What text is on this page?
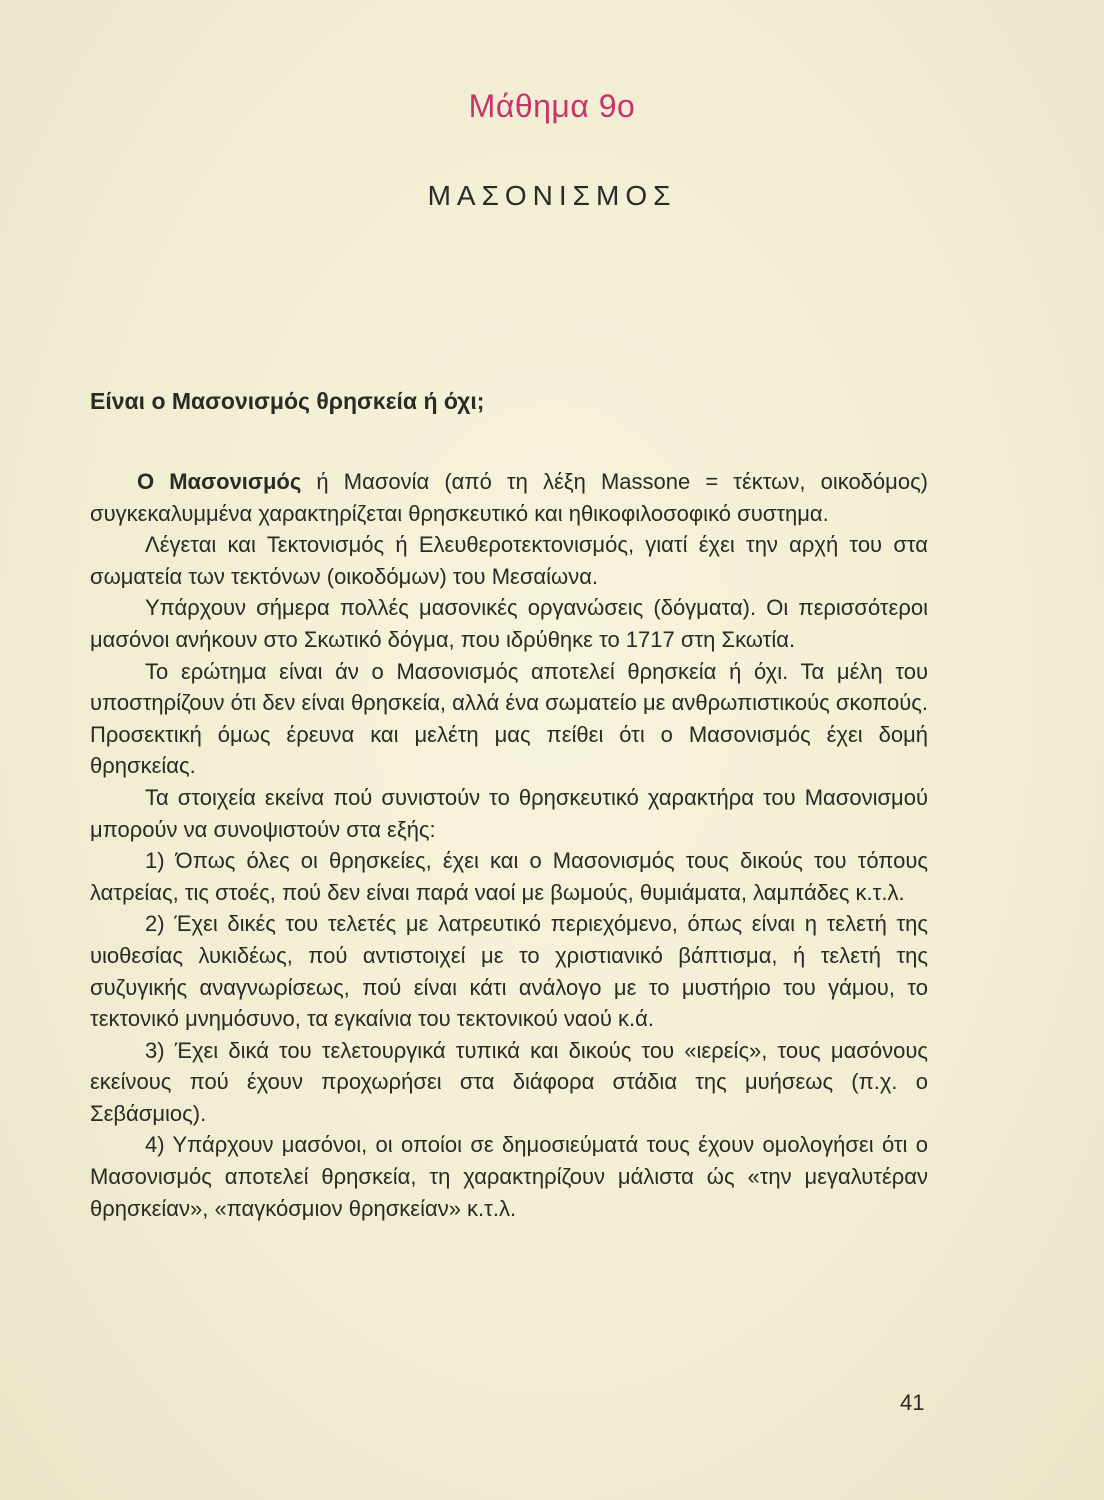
Μάθημα 9ο
ΜΑΣΟΝΙΣΜΟΣ
Είναι ο Μασονισμός θρησκεία ή όχι;

Ο Μασονισμός ή Μασονία (από τη λέξη Massone = τέκτων, οικοδόμος) συγκεκαλυμμένα χαρακτηρίζεται θρησκευτικό και ηθικοφιλοσοφικό συστημα.

Λέγεται και Τεκτονισμός ή Ελευθεροτεκτονισμός, γιατί έχει την αρχή του στα σωματεία των τεκτόνων (οικοδόμων) του Μεσαίωνα.

Υπάρχουν σήμερα πολλές μασονικές οργανώσεις (δόγματα). Οι περισσότεροι μασόνοι ανήκουν στο Σκωτικό δόγμα, που ιδρύθηκε το 1717 στη Σκωτία.

Το ερώτημα είναι άν ο Μασονισμός αποτελεί θρησκεία ή όχι. Τα μέλη του υποστηρίζουν ότι δεν είναι θρησκεία, αλλά ένα σωματείο με ανθρωπιστικούς σκοπούς. Προσεκτική όμως έρευνα και μελέτη μας πείθει ότι ο Μασονισμός έχει δομή θρησκείας.

Τα στοιχεία εκείνα πού συνιστούν το θρησκευτικό χαρακτήρα του Μασονισμού μπορούν να συνοψιστούν στα εξής:

1) Όπως όλες οι θρησκείες, έχει και ο Μασονισμός τους δικούς του τόπους λατρείας, τις στοές, πού δεν είναι παρά ναοί με βωμούς, θυμιάματα, λαμπάδες κ.τ.λ.

2) Έχει δικές του τελετές με λατρευτικό περιεχόμενο, όπως είναι η τελετή της υιοθεσίας λυκιδέως, πού αντιστοιχεί με το χριστιανικό βάπτισμα, ή τελετή της συζυγικής αναγνωρίσεως, πού είναι κάτι ανάλογο με το μυστήριο του γάμου, το τεκτονικό μνημόσυνο, τα εγκαίνια του τεκτονικού ναού κ.ά.

3) Έχει δικά του τελετουργικά τυπικά και δικούς του «ιερείς», τους μασόνους εκείνους πού έχουν προχωρήσει στα διάφορα στάδια της μυήσεως (π.χ. ο Σεβάσμιος).

4) Υπάρχουν μασόνοι, οι οποίοι σε δημοσιεύματά τους έχουν ομολογήσει ότι ο Μασονισμός αποτελεί θρησκεία, τη χαρακτηρίζουν μάλιστα ώς «την μεγαλυτέραν θρησκείαν», «παγκόσμιον θρησκείαν» κ.τ.λ.

41
